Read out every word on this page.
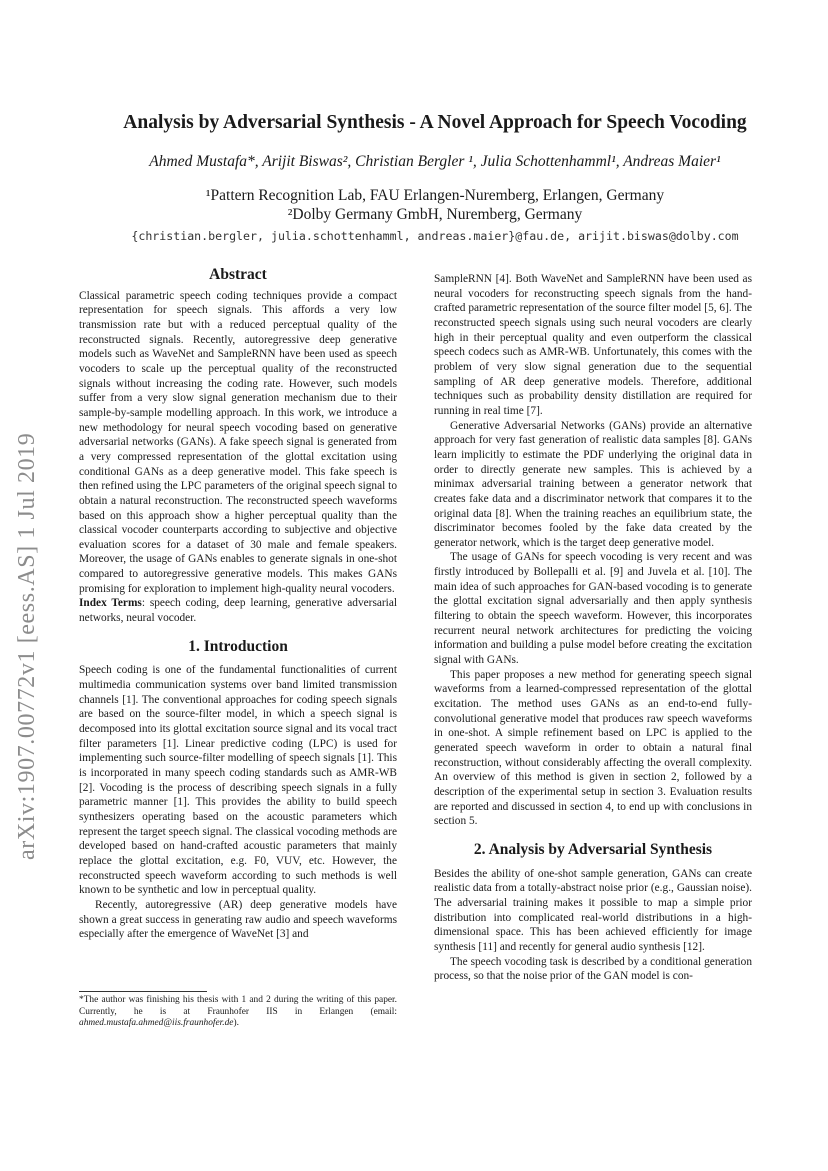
arXiv:1907.00772v1 [eess.AS] 1 Jul 2019
Analysis by Adversarial Synthesis - A Novel Approach for Speech Vocoding
Ahmed Mustafa*, Arijit Biswas², Christian Bergler ¹, Julia Schottenhamml¹, Andreas Maier¹
¹Pattern Recognition Lab, FAU Erlangen-Nuremberg, Erlangen, Germany
²Dolby Germany GmbH, Nuremberg, Germany
{christian.bergler, julia.schottenhamml, andreas.maier}@fau.de, arijit.biswas@dolby.com
Abstract

Classical parametric speech coding techniques provide a compact representation for speech signals. This affords a very low transmission rate but with a reduced perceptual quality of the reconstructed signals. Recently, autoregressive deep generative models such as WaveNet and SampleRNN have been used as speech vocoders to scale up the perceptual quality of the reconstructed signals without increasing the coding rate. However, such models suffer from a very slow signal generation mechanism due to their sample-by-sample modelling approach. In this work, we introduce a new methodology for neural speech vocoding based on generative adversarial networks (GANs). A fake speech signal is generated from a very compressed representation of the glottal excitation using conditional GANs as a deep generative model. This fake speech is then refined using the LPC parameters of the original speech signal to obtain a natural reconstruction. The reconstructed speech waveforms based on this approach show a higher perceptual quality than the classical vocoder counterparts according to subjective and objective evaluation scores for a dataset of 30 male and female speakers. Moreover, the usage of GANs enables to generate signals in one-shot compared to autoregressive generative models. This makes GANs promising for exploration to implement high-quality neural vocoders.

Index Terms: speech coding, deep learning, generative adversarial networks, neural vocoder.

1. Introduction

Speech coding is one of the fundamental functionalities of current multimedia communication systems over band limited transmission channels [1]. The conventional approaches for coding speech signals are based on the source-filter model, in which a speech signal is decomposed into its glottal excitation source signal and its vocal tract filter parameters [1]. Linear predictive coding (LPC) is used for implementing such source-filter modelling of speech signals [1]. This is incorporated in many speech coding standards such as AMR-WB [2]. Vocoding is the process of describing speech signals in a fully parametric manner [1]. This provides the ability to build speech synthesizers operating based on the acoustic parameters which represent the target speech signal. The classical vocoding methods are developed based on hand-crafted acoustic parameters that mainly replace the glottal excitation, e.g. F0, VUV, etc. However, the reconstructed speech waveform according to such methods is well known to be synthetic and low in perceptual quality.

Recently, autoregressive (AR) deep generative models have shown a great success in generating raw audio and speech waveforms especially after the emergence of WaveNet [3] and

*The author was finishing his thesis with 1 and 2 during the writing of this paper. Currently, he is at Fraunhofer IIS in Erlangen (email: ahmed.mustafa.ahmed@iis.fraunhofer.de).

SampleRNN [4]. Both WaveNet and SampleRNN have been used as neural vocoders for reconstructing speech signals from the hand-crafted parametric representation of the source filter model [5, 6]. The reconstructed speech signals using such neural vocoders are clearly high in their perceptual quality and even outperform the classical speech codecs such as AMR-WB. Unfortunately, this comes with the problem of very slow signal generation due to the sequential sampling of AR deep generative models. Therefore, additional techniques such as probability density distillation are required for running in real time [7].

Generative Adversarial Networks (GANs) provide an alternative approach for very fast generation of realistic data samples [8]. GANs learn implicitly to estimate the PDF underlying the original data in order to directly generate new samples. This is achieved by a minimax adversarial training between a generator network that creates fake data and a discriminator network that compares it to the original data [8]. When the training reaches an equilibrium state, the discriminator becomes fooled by the fake data created by the generator network, which is the target deep generative model.

The usage of GANs for speech vocoding is very recent and was firstly introduced by Bollepalli et al. [9] and Juvela et al. [10]. The main idea of such approaches for GAN-based vocoding is to generate the glottal excitation signal adversarially and then apply synthesis filtering to obtain the speech waveform. However, this incorporates recurrent neural network architectures for predicting the voicing information and building a pulse model before creating the excitation signal with GANs.

This paper proposes a new method for generating speech signal waveforms from a learned-compressed representation of the glottal excitation. The method uses GANs as an end-to-end fully-convolutional generative model that produces raw speech waveforms in one-shot. A simple refinement based on LPC is applied to the generated speech waveform in order to obtain a natural final reconstruction, without considerably affecting the overall complexity. An overview of this method is given in section 2, followed by a description of the experimental setup in section 3. Evaluation results are reported and discussed in section 4, to end up with conclusions in section 5.

2. Analysis by Adversarial Synthesis

Besides the ability of one-shot sample generation, GANs can create realistic data from a totally-abstract noise prior (e.g., Gaussian noise). The adversarial training makes it possible to map a simple prior distribution into complicated real-world distributions in a high-dimensional space. This has been achieved efficiently for image synthesis [11] and recently for general audio synthesis [12].

The speech vocoding task is described by a conditional generation process, so that the noise prior of the GAN model is con-
